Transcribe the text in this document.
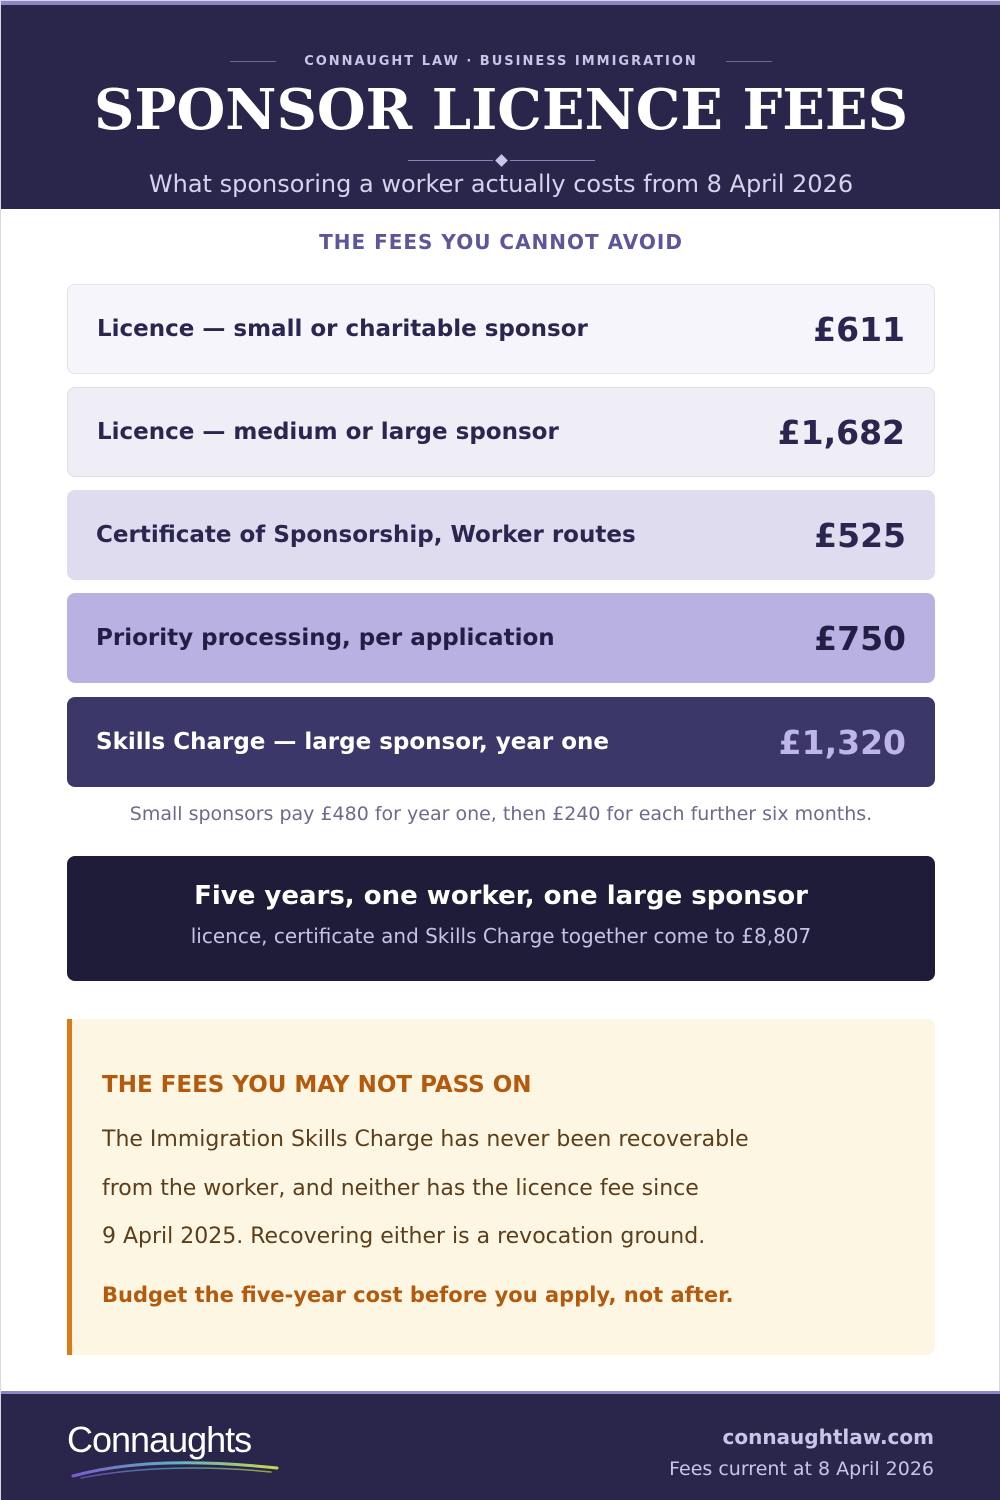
CONNAUGHT LAW · BUSINESS IMMIGRATION
SPONSOR LICENCE FEES

What sponsoring a worker actually costs from 8 April 2026

THE FEES YOU CANNOT AVOID
Licence — small or charitable sponsor	£611
Licence — medium or large sponsor	£1,682
Certificate of Sponsorship, Worker routes	£525
Priority processing, per application	£750
Skills Charge — large sponsor, year one	£1,320

Small sponsors pay £480 for year one, then £240 for each further six months.

Five years, one worker, one large sponsor
licence, certificate and Skills Charge together come to £8,807
THE FEES YOU MAY NOT PASS ON
The Immigration Skills Charge has never been recoverable
from the worker, and neither has the licence fee since
9 April 2025. Recovering either is a revocation ground.
Budget the five-year cost before you apply, not after.
Connaughts	connaughtlaw.com
Fees current at 8 April 2026
